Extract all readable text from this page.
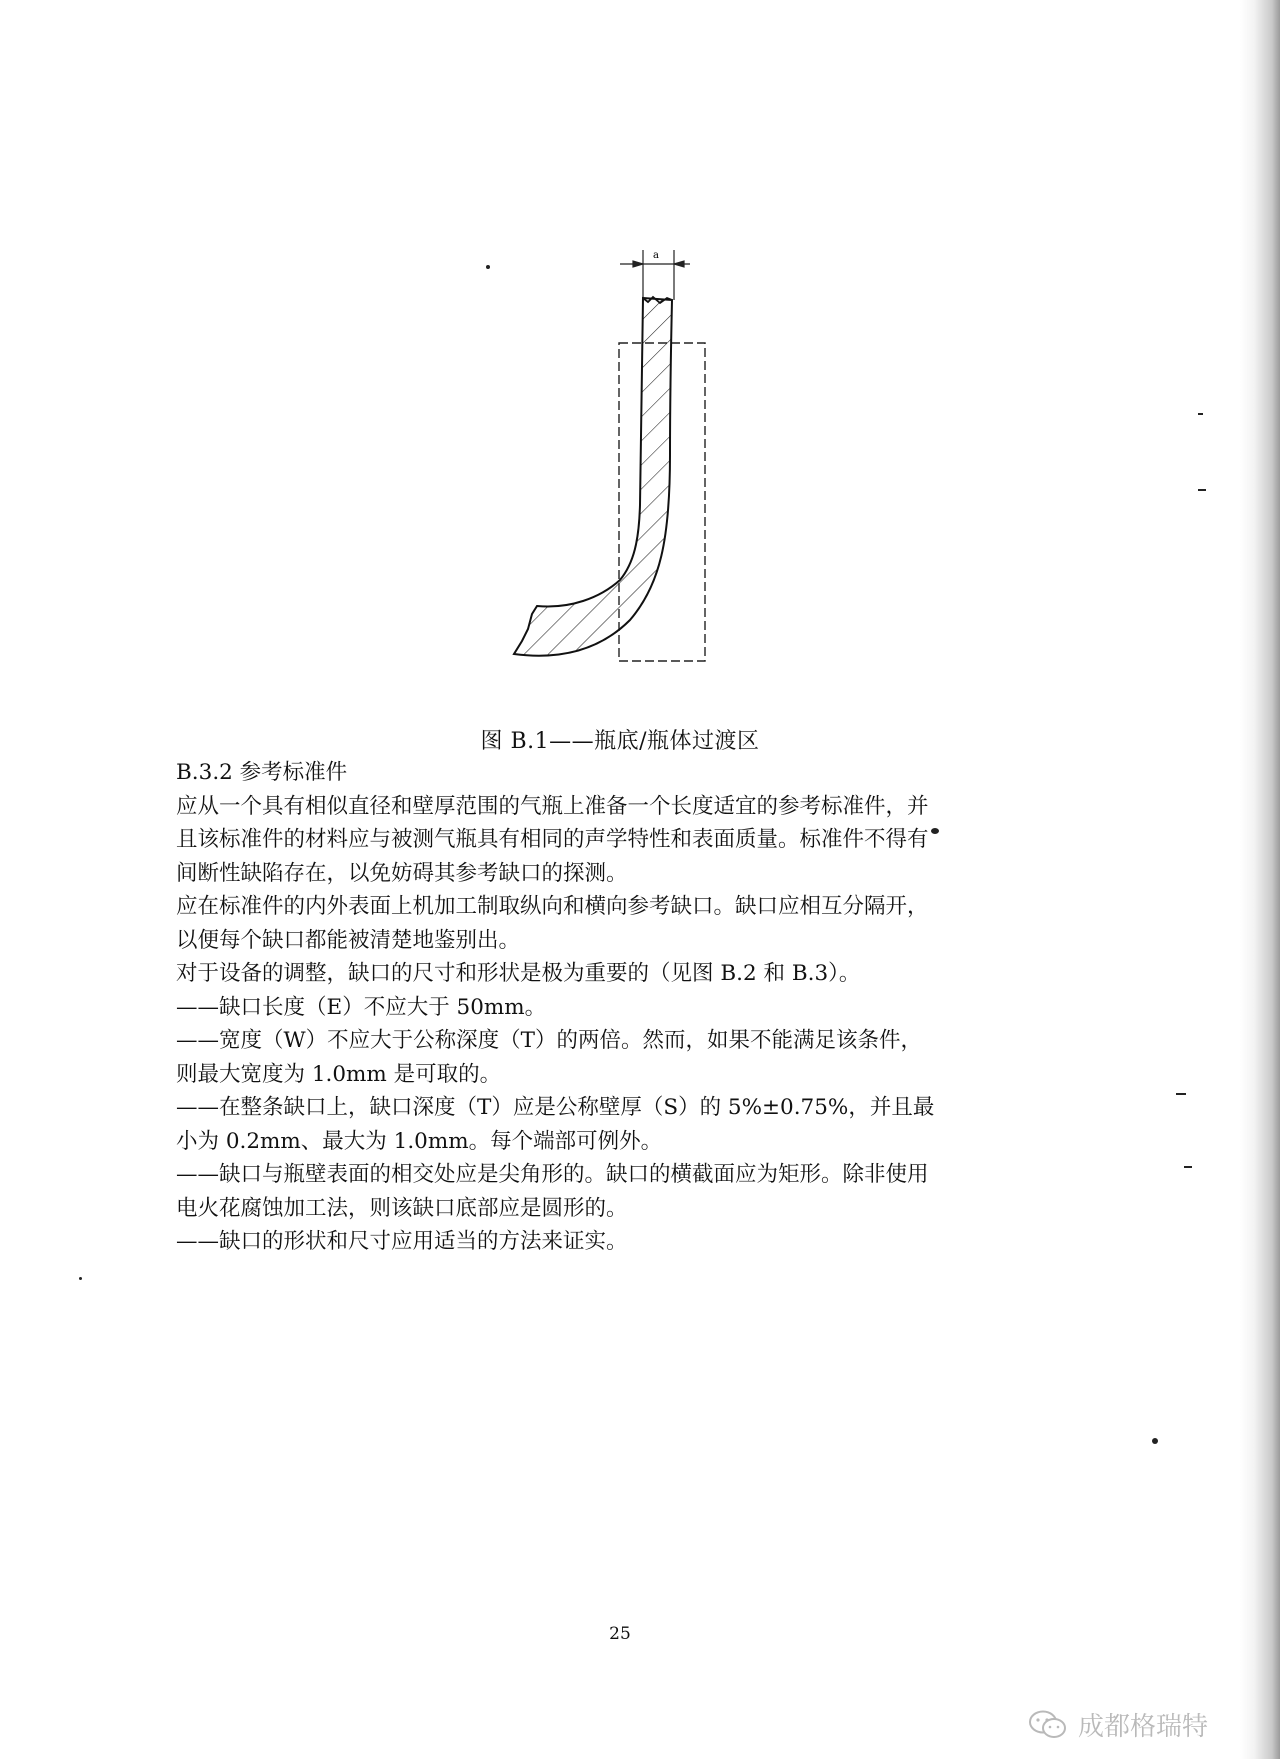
a
图 B.1——瓶底/瓶体过渡区
B.3.2 参考标准件
应从一个具有相似直径和壁厚范围的气瓶上准备一个长度适宜的参考标准件，并
且该标准件的材料应与被测气瓶具有相同的声学特性和表面质量。标准件不得有
间断性缺陷存在，以免妨碍其参考缺口的探测。
应在标准件的内外表面上机加工制取纵向和横向参考缺口。缺口应相互分隔开，
以便每个缺口都能被清楚地鉴别出。
对于设备的调整，缺口的尺寸和形状是极为重要的（见图 B.2 和 B.3）。
——缺口长度（E）不应大于 50mm。
——宽度（W）不应大于公称深度（T）的两倍。然而，如果不能满足该条件，
则最大宽度为 1.0mm 是可取的。
——在整条缺口上，缺口深度（T）应是公称壁厚（S）的 5%±0.75%，并且最
小为 0.2mm、最大为 1.0mm。每个端部可例外。
——缺口与瓶壁表面的相交处应是尖角形的。缺口的横截面应为矩形。除非使用
电火花腐蚀加工法，则该缺口底部应是圆形的。
——缺口的形状和尺寸应用适当的方法来证实。
25
成都格瑞特
